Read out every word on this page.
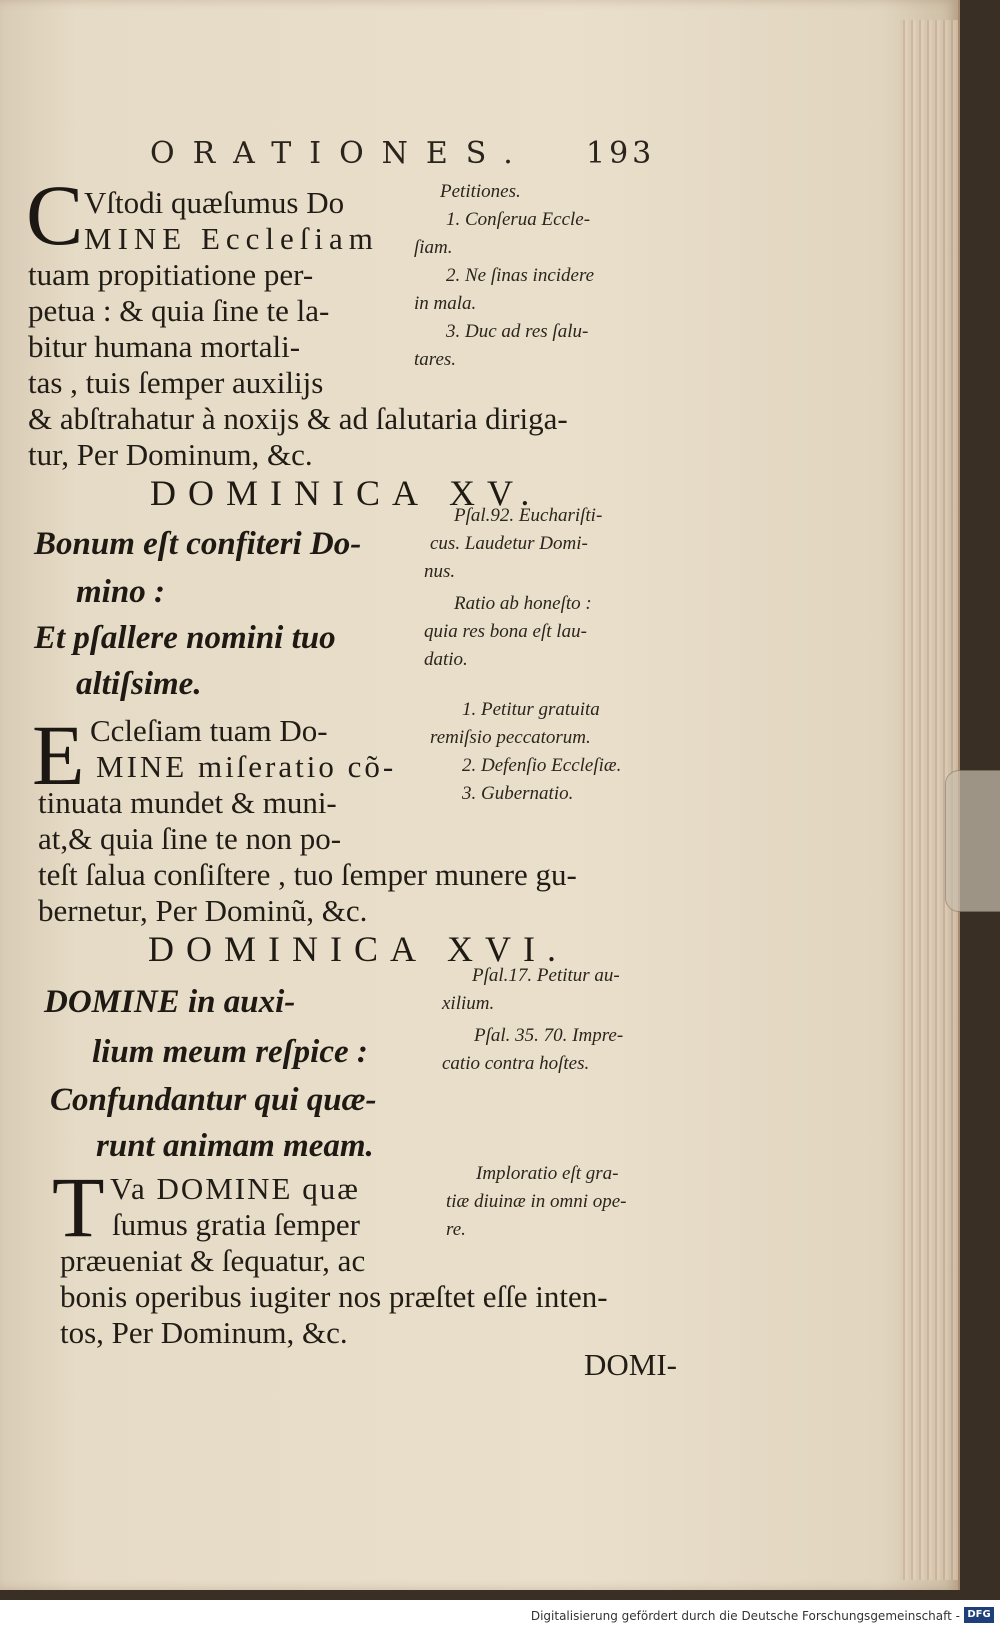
ORATIONES.	193
C Vſtodi quæſumus Do
MINE Eccleſiam
tuam propitiatione per-
petua : & quia ſine te la-
bitur humana mortali-
tas , tuis ſemper auxilijs
& abſtrahatur à noxijs & ad ſalutaria diriga-
tur, Per Dominum, &c.
Petitiones.
1. Conſerua Eccle-
ſiam.
2. Ne ſinas incidere
in mala.
3. Duc ad res ſalu-
tares.
DOMINICA XV.
Bonum eſt confiteri Do-
mino :
Et pſallere nomini tuo
altiſsime.
Pſal.92. Euchariſti-
cus. Laudetur Domi-
nus.
Ratio ab honeſto :
quia res bona eſt lau-
datio.
E Ccleſiam tuam Do-
MINE miſeratio cõ-
tinuata mundet & muni-
at,& quia ſine te non po-
teſt ſalua conſiſtere , tuo ſemper munere gu-
bernetur, Per Dominũ, &c.
1. Petitur gratuita
remiſsio peccatorum.
2. Defenſio Eccleſiæ.
3. Gubernatio.
DOMINICA XVI.
DOMINE in auxi-
lium meum reſpice :
Confundantur qui quæ-
runt animam meam.
Pſal.17. Petitur au-
xilium.
Pſal. 35. 70. Impre-
catio contra hoſtes.
T Va DOMINE quæ
ſumus gratia ſemper
præueniat & ſequatur, ac
bonis operibus iugiter nos præſtet eſſe inten-
tos, Per Dominum, &c.
Imploratio eſt gra-
tiæ diuinæ in omni ope-
re.
DOMI-
Digitalisierung gefördert durch die Deutsche Forschungsgemeinschaft - DFG
